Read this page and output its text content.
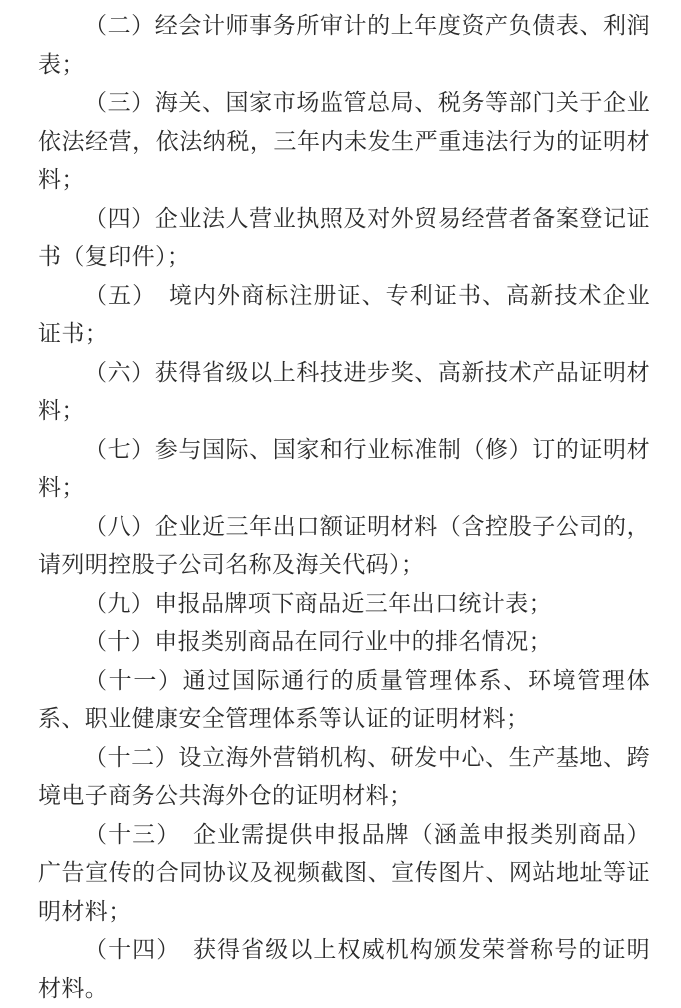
（二）经会计师事务所审计的上年度资产负债表、利润表；

（三）海关、国家市场监管总局、税务等部门关于企业依法经营，依法纳税，三年内未发生严重违法行为的证明材料；

（四）企业法人营业执照及对外贸易经营者备案登记证书（复印件）；

（五）　境内外商标注册证、专利证书、高新技术企业证书；

（六）获得省级以上科技进步奖、高新技术产品证明材料；

（七）参与国际、国家和行业标准制（修）订的证明材料；

（八）企业近三年出口额证明材料（含控股子公司的，请列明控股子公司名称及海关代码）；

（九）申报品牌项下商品近三年出口统计表；

（十）申报类别商品在同行业中的排名情况；

（十一）通过国际通行的质量管理体系、环境管理体系、职业健康安全管理体系等认证的证明材料；

（十二）设立海外营销机构、研发中心、生产基地、跨境电子商务公共海外仓的证明材料；

（十三）　企业需提供申报品牌（涵盖申报类别商品）广告宣传的合同协议及视频截图、宣传图片、网站地址等证明材料；

（十四）　获得省级以上权威机构颁发荣誉称号的证明材料。
